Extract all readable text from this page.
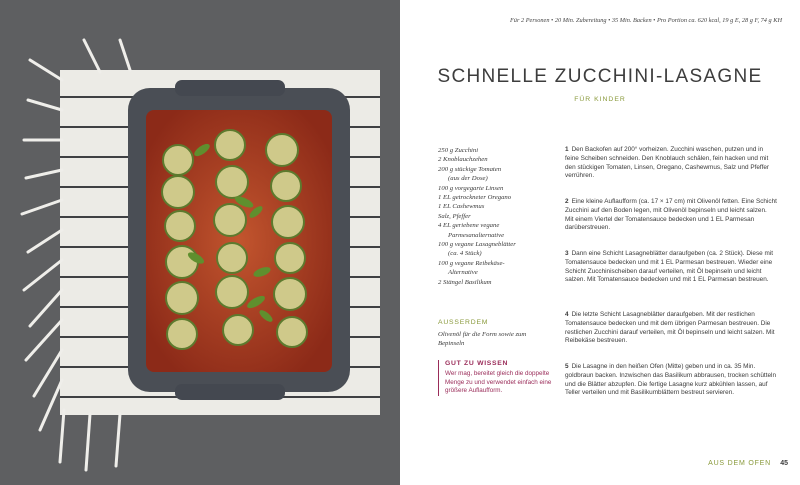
Für 2 Personen • 20 Min. Zubereitung • 35 Min. Backen • Pro Portion ca. 620 kcal, 19 g E, 28 g F, 74 g KH
SCHNELLE ZUCCHINI-LASAGNE
FÜR KINDER
250 g Zucchini
2 Knoblauchzehen
200 g stückige Tomaten
(aus der Dose)
100 g vorgegarte Linsen
1 EL getrockneter Oregano
1 EL Cashewmus
Salz, Pfeffer
4 EL geriebene vegane
Parmesanalternative
100 g vegane Lasagneblätter
(ca. 4 Stück)
100 g vegane Reibekäse-
Alternative
2 Stängel Basilikum
AUSSERDEM

Olivenöl für die Form sowie zum Bepinseln

GUT ZU WISSEN

Wer mag, bereitet gleich die doppelte Menge zu und verwendet einfach eine größere Auflaufform.

1 Den Backofen auf 200° vorheizen. Zucchini waschen, putzen und in feine Scheiben schneiden. Den Knoblauch schälen, fein hacken und mit den stückigen Tomaten, Linsen, Oregano, Cashewmus, Salz und Pfeffer verrühren.

2 Eine kleine Auflaufform (ca. 17 × 17 cm) mit Olivenöl fetten. Eine Schicht Zucchini auf den Boden legen, mit Olivenöl bepinseln und leicht salzen. Mit einem Viertel der Tomatensauce bedecken und 1 EL Parmesan darüberstreuen.

3 Dann eine Schicht Lasagneblätter daraufgeben (ca. 2 Stück). Diese mit Tomatensauce bedecken und mit 1 EL Parmesan bestreuen. Wieder eine Schicht Zucchinischeiben darauf verteilen, mit Öl bepinseln und leicht salzen. Mit Tomatensauce bedecken und mit 1 EL Parmesan bestreuen.

4 Die letzte Schicht Lasagneblätter daraufgeben. Mit der restlichen Tomatensauce bedecken und mit dem übrigen Parmesan bestreuen. Die restlichen Zucchini darauf verteilen, mit Öl bepinseln und leicht salzen. Mit Reibekäse bestreuen.

5 Die Lasagne in den heißen Ofen (Mitte) geben und in ca. 35 Min. goldbraun backen. Inzwischen das Basilikum abbrausen, trocken schütteln und die Blätter abzupfen. Die fertige Lasagne kurz abkühlen lassen, auf Teller verteilen und mit Basilikumblättern bestreut servieren.

AUS DEM OFEN 45
